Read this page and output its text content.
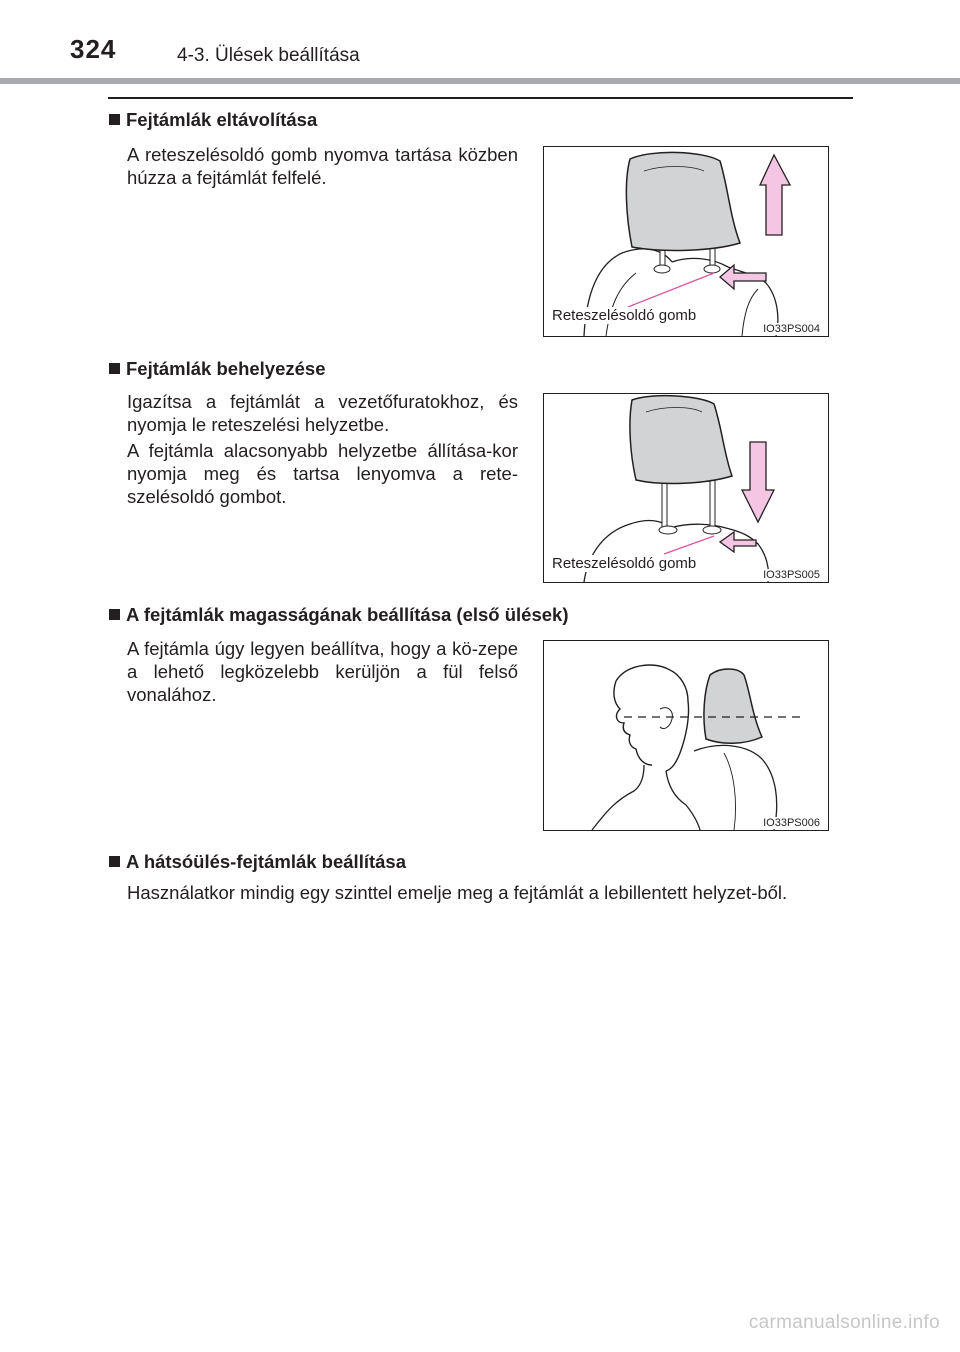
324	4-3. Ülések beállítása
Fejtámlák eltávolítása

A reteszelésoldó gomb nyomva tartása közben húzza a fejtámlát felfelé.

Reteszelésoldó gomb
IO33PS004
Fejtámlák behelyezése

Igazítsa a fejtámlát a vezetőfuratokhoz, és nyomja le reteszelési helyzetbe.

A fejtámla alacsonyabb helyzetbe állítása-kor nyomja meg és tartsa lenyomva a rete-szelésoldó gombot.

Reteszelésoldó gomb
IO33PS005
A fejtámlák magasságának beállítása (első ülések)

A fejtámla úgy legyen beállítva, hogy a kö-zepe a lehető legközelebb kerüljön a fül felső vonalához.

IO33PS006
A hátsóülés-fejtámlák beállítása

Használatkor mindig egy szinttel emelje meg a fejtámlát a lebillentett helyzet-ből.

carmanualsonline.info
